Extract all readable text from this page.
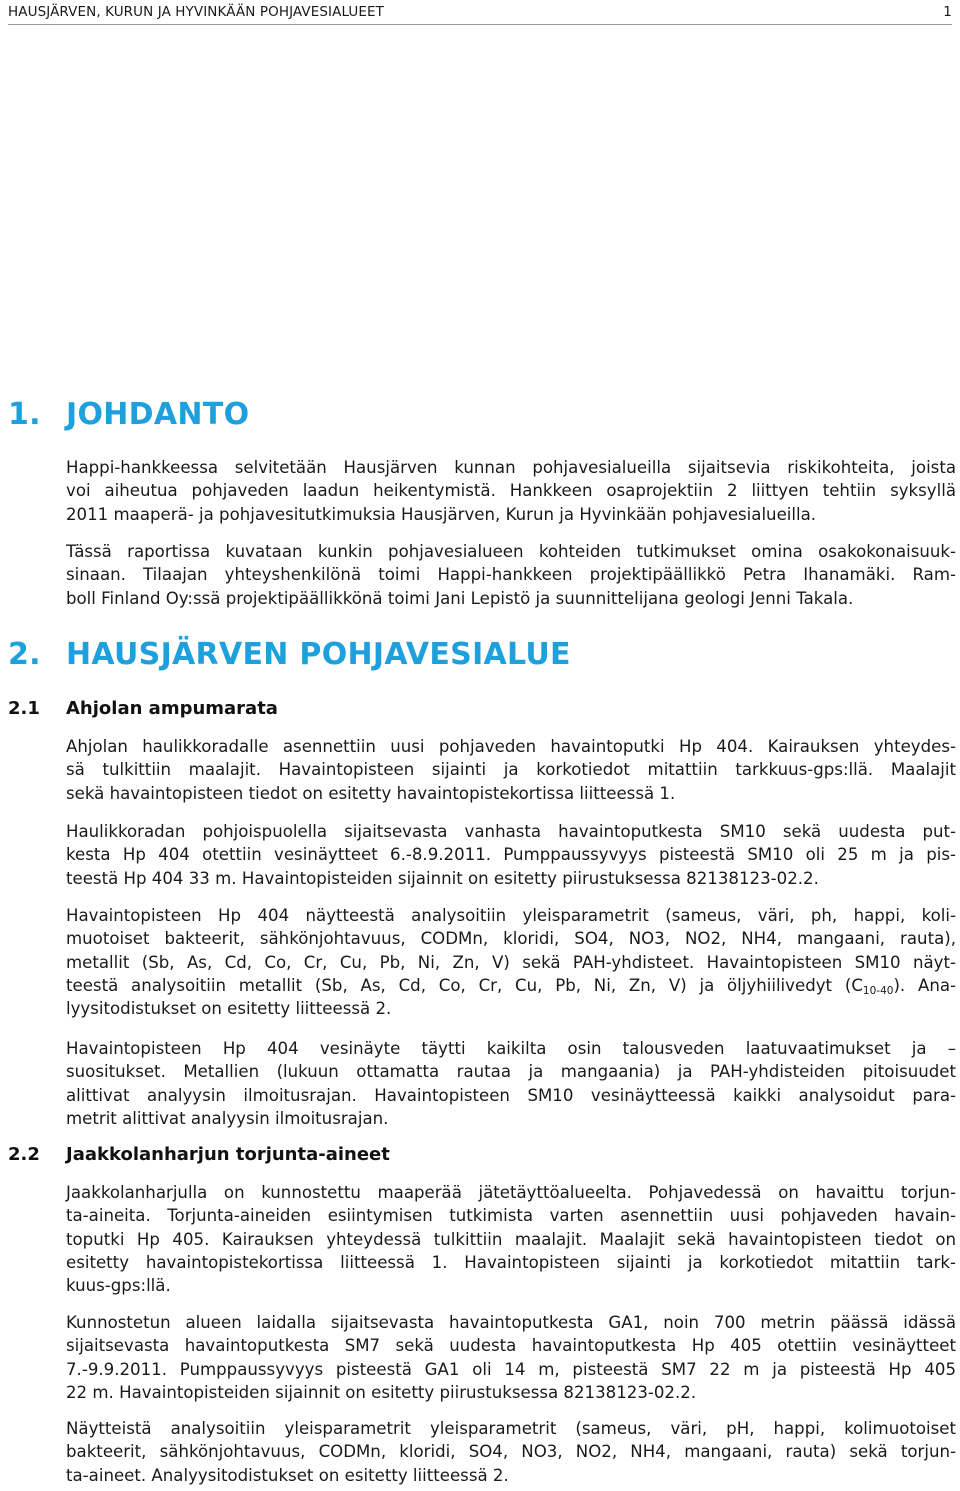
HAUSJÄRVEN, KURUN JA HYVINKÄÄN POHJAVESIALUEET	1
1. JOHDANTO
Happi-hankkeessa selvitetään Hausjärven kunnan pohjavesialueilla sijaitsevia riskikohteita, joista
voi aiheutua pohjaveden laadun heikentymistä. Hankkeen osaprojektiin 2 liittyen tehtiin syksyllä
2011 maaperä- ja pohjavesitutkimuksia Hausjärven, Kurun ja Hyvinkään pohjavesialueilla.
Tässä raportissa kuvataan kunkin pohjavesialueen kohteiden tutkimukset omina osakokonaisuuk-
sinaan. Tilaajan yhteyshenkilönä toimi Happi-hankkeen projektipäällikkö Petra Ihanamäki. Ram-
boll Finland Oy:ssä projektipäällikkönä toimi Jani Lepistö ja suunnittelijana geologi Jenni Takala.
2. HAUSJÄRVEN POHJAVESIALUE
2.1 Ahjolan ampumarata
Ahjolan haulikkoradalle asennettiin uusi pohjaveden havaintoputki Hp 404. Kairauksen yhteydes-
sä tulkittiin maalajit. Havaintopisteen sijainti ja korkotiedot mitattiin tarkkuus-gps:llä. Maalajit
sekä havaintopisteen tiedot on esitetty havaintopistekortissa liitteessä 1.
Haulikkoradan pohjoispuolella sijaitsevasta vanhasta havaintoputkesta SM10 sekä uudesta put-
kesta Hp 404 otettiin vesinäytteet 6.-8.9.2011. Pumppaussyvyys pisteestä SM10 oli 25 m ja pis-
teestä Hp 404 33 m. Havaintopisteiden sijainnit on esitetty piirustuksessa 82138123-02.2.
Havaintopisteen Hp 404 näytteestä analysoitiin yleisparametrit (sameus, väri, ph, happi, koli-
muotoiset bakteerit, sähkönjohtavuus, CODMn, kloridi, SO4, NO3, NO2, NH4, mangaani, rauta),
metallit (Sb, As, Cd, Co, Cr, Cu, Pb, Ni, Zn, V) sekä PAH-yhdisteet. Havaintopisteen SM10 näyt-
teestä analysoitiin metallit (Sb, As, Cd, Co, Cr, Cu, Pb, Ni, Zn, V) ja öljyhiilivedyt $(C_{10-40})$. Ana-
lyysitodistukset on esitetty liitteessä 2.
Havaintopisteen Hp 404 vesinäyte täytti kaikilta osin talousveden laatuvaatimukset ja –
suositukset. Metallien (lukuun ottamatta rautaa ja mangaania) ja PAH-yhdisteiden pitoisuudet
alittivat analyysin ilmoitusrajan. Havaintopisteen SM10 vesinäytteessä kaikki analysoidut para-
metrit alittivat analyysin ilmoitusrajan.
2.2 Jaakkolanharjun torjunta-aineet
Jaakkolanharjulla on kunnostettu maaperää jätetäyttöalueelta. Pohjavedessä on havaittu torjun-
ta-aineita. Torjunta-aineiden esiintymisen tutkimista varten asennettiin uusi pohjaveden havain-
toputki Hp 405. Kairauksen yhteydessä tulkittiin maalajit. Maalajit sekä havaintopisteen tiedot on
esitetty havaintopistekortissa liitteessä 1. Havaintopisteen sijainti ja korkotiedot mitattiin tark-
kuus-gps:llä.
Kunnostetun alueen laidalla sijaitsevasta havaintoputkesta GA1, noin 700 metrin päässä idässä
sijaitsevasta havaintoputkesta SM7 sekä uudesta havaintoputkesta Hp 405 otettiin vesinäytteet
7.-9.9.2011. Pumppaussyvyys pisteestä GA1 oli 14 m, pisteestä SM7 22 m ja pisteestä Hp 405
22 m. Havaintopisteiden sijainnit on esitetty piirustuksessa 82138123-02.2.
Näytteistä analysoitiin yleisparametrit yleisparametrit (sameus, väri, pH, happi, kolimuotoiset
bakteerit, sähkönjohtavuus, CODMn, kloridi, SO4, NO3, NO2, NH4, mangaani, rauta) sekä torjun-
ta-aineet. Analyysitodistukset on esitetty liitteessä 2.
